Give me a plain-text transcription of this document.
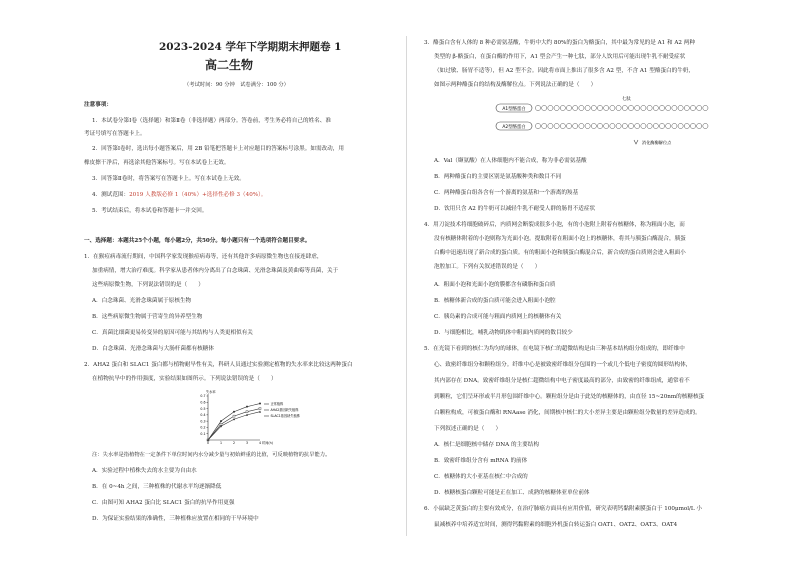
2023-2024 学年下学期期末押题卷 1
高二生物
（考试时间：90 分钟　试卷满分：100 分）
注意事项：
1．本试卷分第Ⅰ卷（选择题）和第Ⅱ卷（非选择题）两部分。答卷前，考生务必将自己的姓名、准
考证号填写在答题卡上。
2．回答第Ⅰ卷时，选出每小题答案后，用 2B 铅笔把答题卡上对应题目的答案标号涂黑。如需改动，用
橡皮擦干净后，再选涂其他答案标号。写在本试卷上无效。
3．回答第Ⅱ卷时，将答案写在答题卡上。写在本试卷上无效。
4．测试范围：2019 人教版必修 1（40%）+选择性必修 3（40%）。
5．考试结束后，将本试卷和答题卡一并交回。
一、选择题：本题共25个小题，每小题2分，共50分。每小题只有一个选项符合题目要求。
1．在猴痘病毒流行期间，中国科学家发现猴痘病毒等，还有其他许多病原微生物也在接连肆虐，
加重病情，增大治疗难度。科学家从患者体内分离出了白念珠菌、光滑念珠菌及黄曲霉等真菌，关于
这些病原微生物，下列说法错误的是（　　）
A．白念珠菌、光滑念珠菌属于原核生物
B．这些病原微生物属于营寄生的异养型生物
C．真菌比细菌更易传变异的原因可能与其结构与人类更相似有关
D．白念珠菌、光滑念珠菌与大肠杆菌都有核糖体
2．AHA2 蛋白和 SLAC1 蛋白都与植物耐旱性有关，科研人员通过实验测定植物的失水率来比较这两种蛋白
在植物抗旱中的作用强度，实验结果如图所示。下列说法错误的是（　　）
0.1
0.2
0.3
0.4
0.5
0.6
0.7
0	1	2	3	4 时间(h)
失水率
正常植株
AHA2基因缺失植株
SLAC1基因缺失植株
注：失水率是指植物在一定条件下单位时间内水分减少量与初始鲜重的比值，可反映植物的抗旱能力。
A．实验过程中植株失去的水主要为自由水
B．在 0~4h 之间，三种植株的代谢水平均逐渐降低
C．由图可知 AHA2 蛋白比 SLAC1 蛋白的抗旱作用更强
D．为保证实验结果的准确性，三种植株应放置在相同的干旱环境中
3．酪蛋白含有人体的 8 种必需氨基酸，牛奶中大约 80%的蛋白为酪蛋白，其中最为常见的是 A1 和 A2 两种
类型的 β-酪蛋白，在蛋白酶的作用下，A1 型会产生一种七肽，部分人饮用后可能出现牛乳不耐受症状
（如过敏、肠胃不适等），但 A2 型不会。因此将市面上推出了很多含 A2 型，不含 A1 型酪蛋白的牛奶，
如图示两种酪蛋白的结构及酶解位点。下列说法正确的是（　　）
A1型酪蛋白
A2型酪蛋白
七肽
消化酶酶解位点
A．Val（缬氨酸）在人体细胞内不能合成，称为非必需氨基酸
B．两种酪蛋白的主要区别是氨基酸种类和数目不同
C．两种酪蛋白组各含有一个游离的氨基和一个游离的羧基
D．饮用只含 A2 的牛奶可以减轻牛乳不耐受人群的肠胃不适症状
4．用刀淀技术将细胞破碎后，内质网会断裂成很多小泡，有的小泡附上附着有核糖体，称为粗面小泡，而
没有核糖体附着的小泡则称为光面小泡。提取附着在粗面小泡上的核糖体，将其与胰蛋白酶混合，胰蛋
白酶中迅速出现了新合成的蛋白质。有的粗面小泡和胰蛋白酶混合后，新合成的蛋白质则会进入粗面小
泡腔加工。下列有关叙述错误的是（　　）
A．粗面小泡和光面小泡的膜都含有磷脂和蛋白质
B．核糖体新合成的蛋白质可能会进入粗面小泡腔
C．胰岛素的合成可能与粗面内质网上的核糖体有关
D．与细胞相比，哺乳动物肌体中粗面内质网的数目较少
5．在光镜下看到的核仁为均匀的球体，在电镜下核仁的超微结构是由三种基本结构组分组成的，即纤维中
心、致密纤维组分和颗粒组分。纤维中心是被致密纤维组分包围的一个或几个低电子密度的圆形结构体，
其内部存在 DNA。致密纤维组分是核仁超微结构中电子密度最高的部分，由致密的纤维组成，通常看不
到颗粒，它们呈环形或半月形包围纤维中心。颗粒组分是由于此处的核糖体的，由直径 15~20nm的核糖核蛋
白颗粒构成，可被蛋白酶和 RNAase 消化，间期核中核仁的大小差异主要是由颗粒组分数量的差异造成的。
下列叙述正确的是（　　）
A．核仁是细胞核中储存 DNA 的主要结构
B．致密纤维组分含有 mRNA 的前体
C．核糖体的大小亚基在核仁中合成的
D．核糖核蛋白颗粒可能是正在加工、成熟的核糖体亚单位前体
6．小鼠缺乏黄蛋白的主要有效成分，在治疗肺癌方面具有应用价值，研究表明钙黏附素膜蛋白于 100μmol/L 小
鼠减核养中培养适宜时间，测得钙黏附素的细胞外机蛋白转运蛋白 OAT1、OAT2、OAT3、OAT4
